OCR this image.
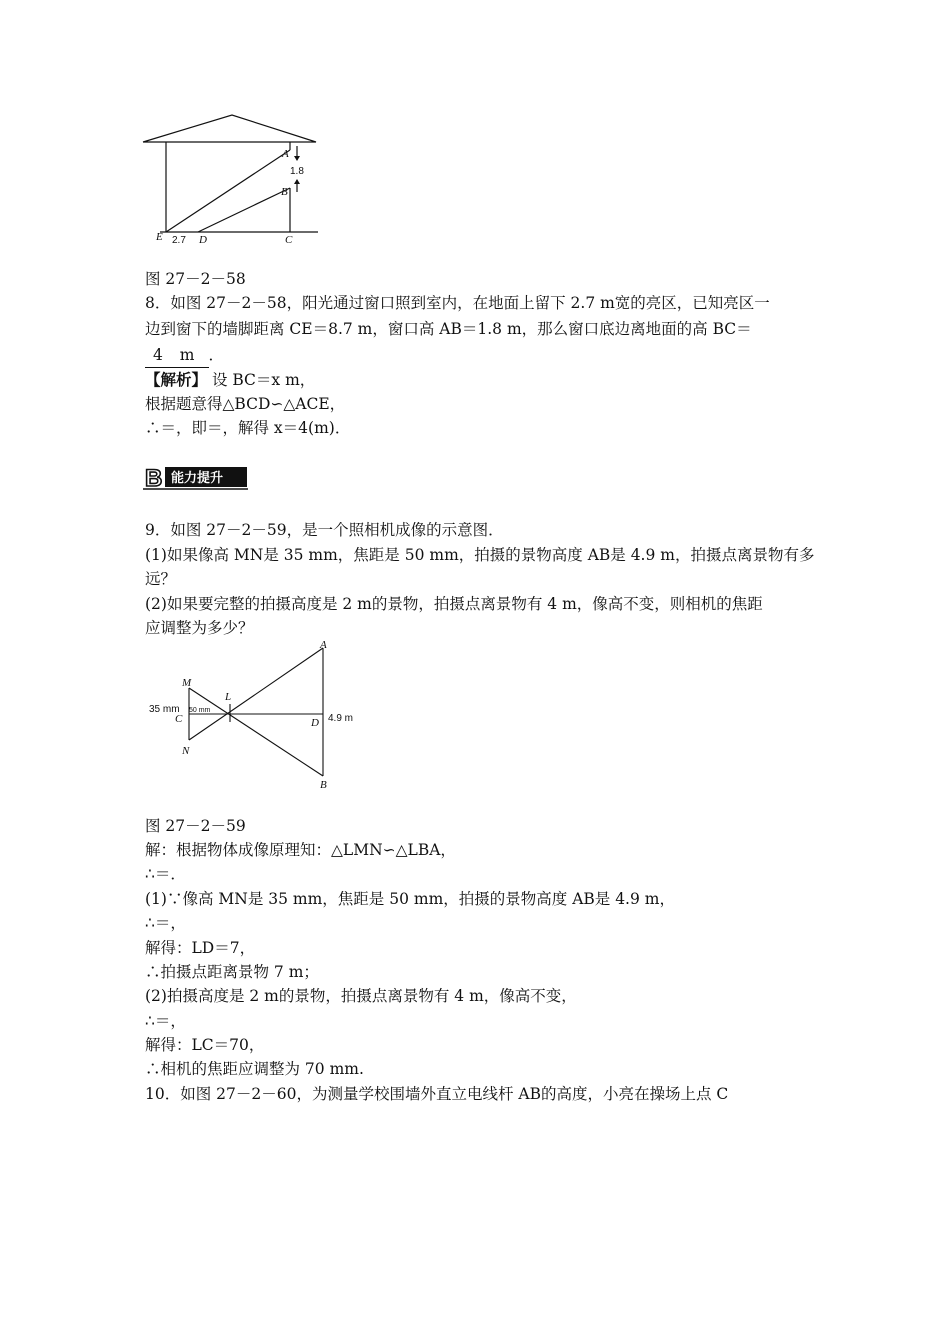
A
B
C
D
E
1.8
2.7
图 27－2－58
8．如图 27－2－58，阳光通过窗口照到室内，在地面上留下 2.7 m宽的亮区，已知亮区一
边到窗下的墙脚距离 CE＝8.7 m，窗口高 AB＝1.8 m，那么窗口底边离地面的高 BC＝
4 m ．
【解析】 设 BC＝x m，
根据题意得△BCD∽△ACE，
∴＝，即＝，解得 x＝4(m)．
B 能力提升
9．如图 27－2－59，是一个照相机成像的示意图．
(1)如果像高 MN是 35 mm，焦距是 50 mm，拍摄的景物高度 AB是 4.9 m，拍摄点离景物有多
远？
(2)如果要完整的拍摄高度是 2 m的景物，拍摄点离景物有 4 m，像高不变，则相机的焦距
应调整为多少？
A
B
C	D
L
M
N
35 mm 50 mm
4.9 m
图 27－2－59
解：根据物体成像原理知：△LMN∽△LBA，
∴＝．
(1)∵像高 MN是 35 mm，焦距是 50 mm，拍摄的景物高度 AB是 4.9 m，
∴＝，
解得：LD＝7，
∴拍摄点距离景物 7 m；
(2)拍摄高度是 2 m的景物，拍摄点离景物有 4 m，像高不变，
∴＝，
解得：LC＝70，
∴相机的焦距应调整为 70 mm.
10．如图 27－2－60，为测量学校围墙外直立电线杆 AB的高度，小亮在操场上点 C
